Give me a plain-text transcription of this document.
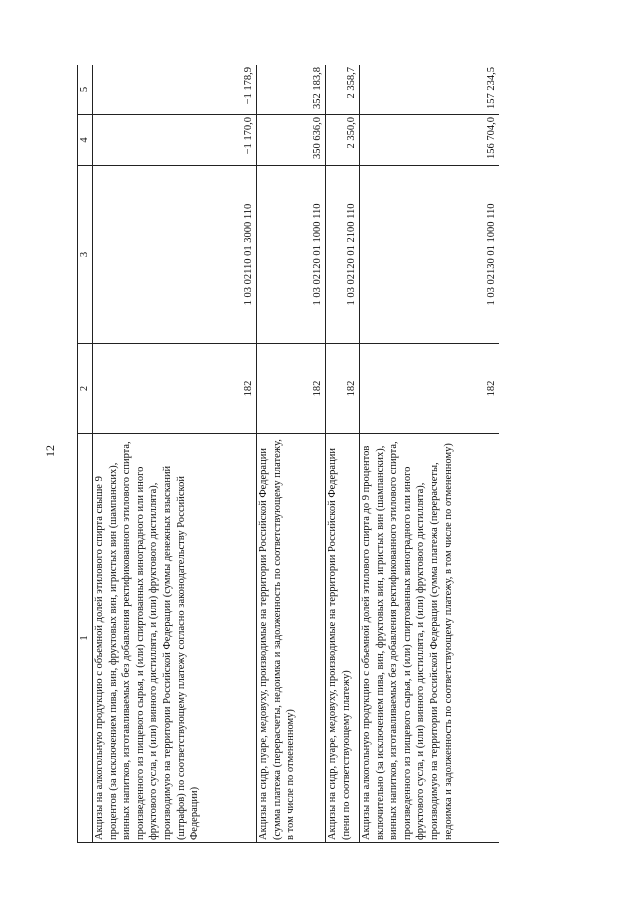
12
1	2	3	4	5
Акцизы на алкогольную продукцию с объемной долей этилового спирта свыше 9 процентов (за исключением пива, вин, фруктовых вин, игристых вин (шампанских), винных напитков, изготавливаемых без добавления ректификованного этилового спирта, произведенного из пищевого сырья, и (или) спиртованных виноградного или иного фруктового сусла, и (или) винного дистиллята, и (или) фруктового дистиллята), производимую на территории Российской Федерации (суммы денежных взысканий (штрафов) по соответствующему платежу согласно законодательству Российской Федерации)	182	1 03 02110 01 3000 110	−1 170,0	−1 178,9
Акцизы на сидр, пуаре, медовуху, производимые на территории Российской Федерации (сумма платежа (перерасчеты, недоимка и задолженность по соответствующему платежу, в том числе по отмененному)	182	1 03 02120 01 1000 110	350 636,0	352 183,8
Акцизы на сидр, пуаре, медовуху, производимые на территории Российской Федерации (пени по соответствующему платежу)	182	1 03 02120 01 2100 110	2 350,0	2 358,7
Акцизы на алкогольную продукцию с объемной долей этилового спирта до 9 процентов включительно (за исключением пива, вин, фруктовых вин, игристых вин (шампанских), винных напитков, изготавливаемых без добавления ректификованного этилового спирта, произведенного из пищевого сырья, и (или) спиртованных виноградного или иного фруктового сусла, и (или) винного дистиллята, и (или) фруктового дистиллята), производимую на территории Российской Федерации (сумма платежа (перерасчеты, недоимка и задолженность по соответствующему платежу, в том числе по отмененному)	182	1 03 02130 01 1000 110	156 704,0	157 234,5
